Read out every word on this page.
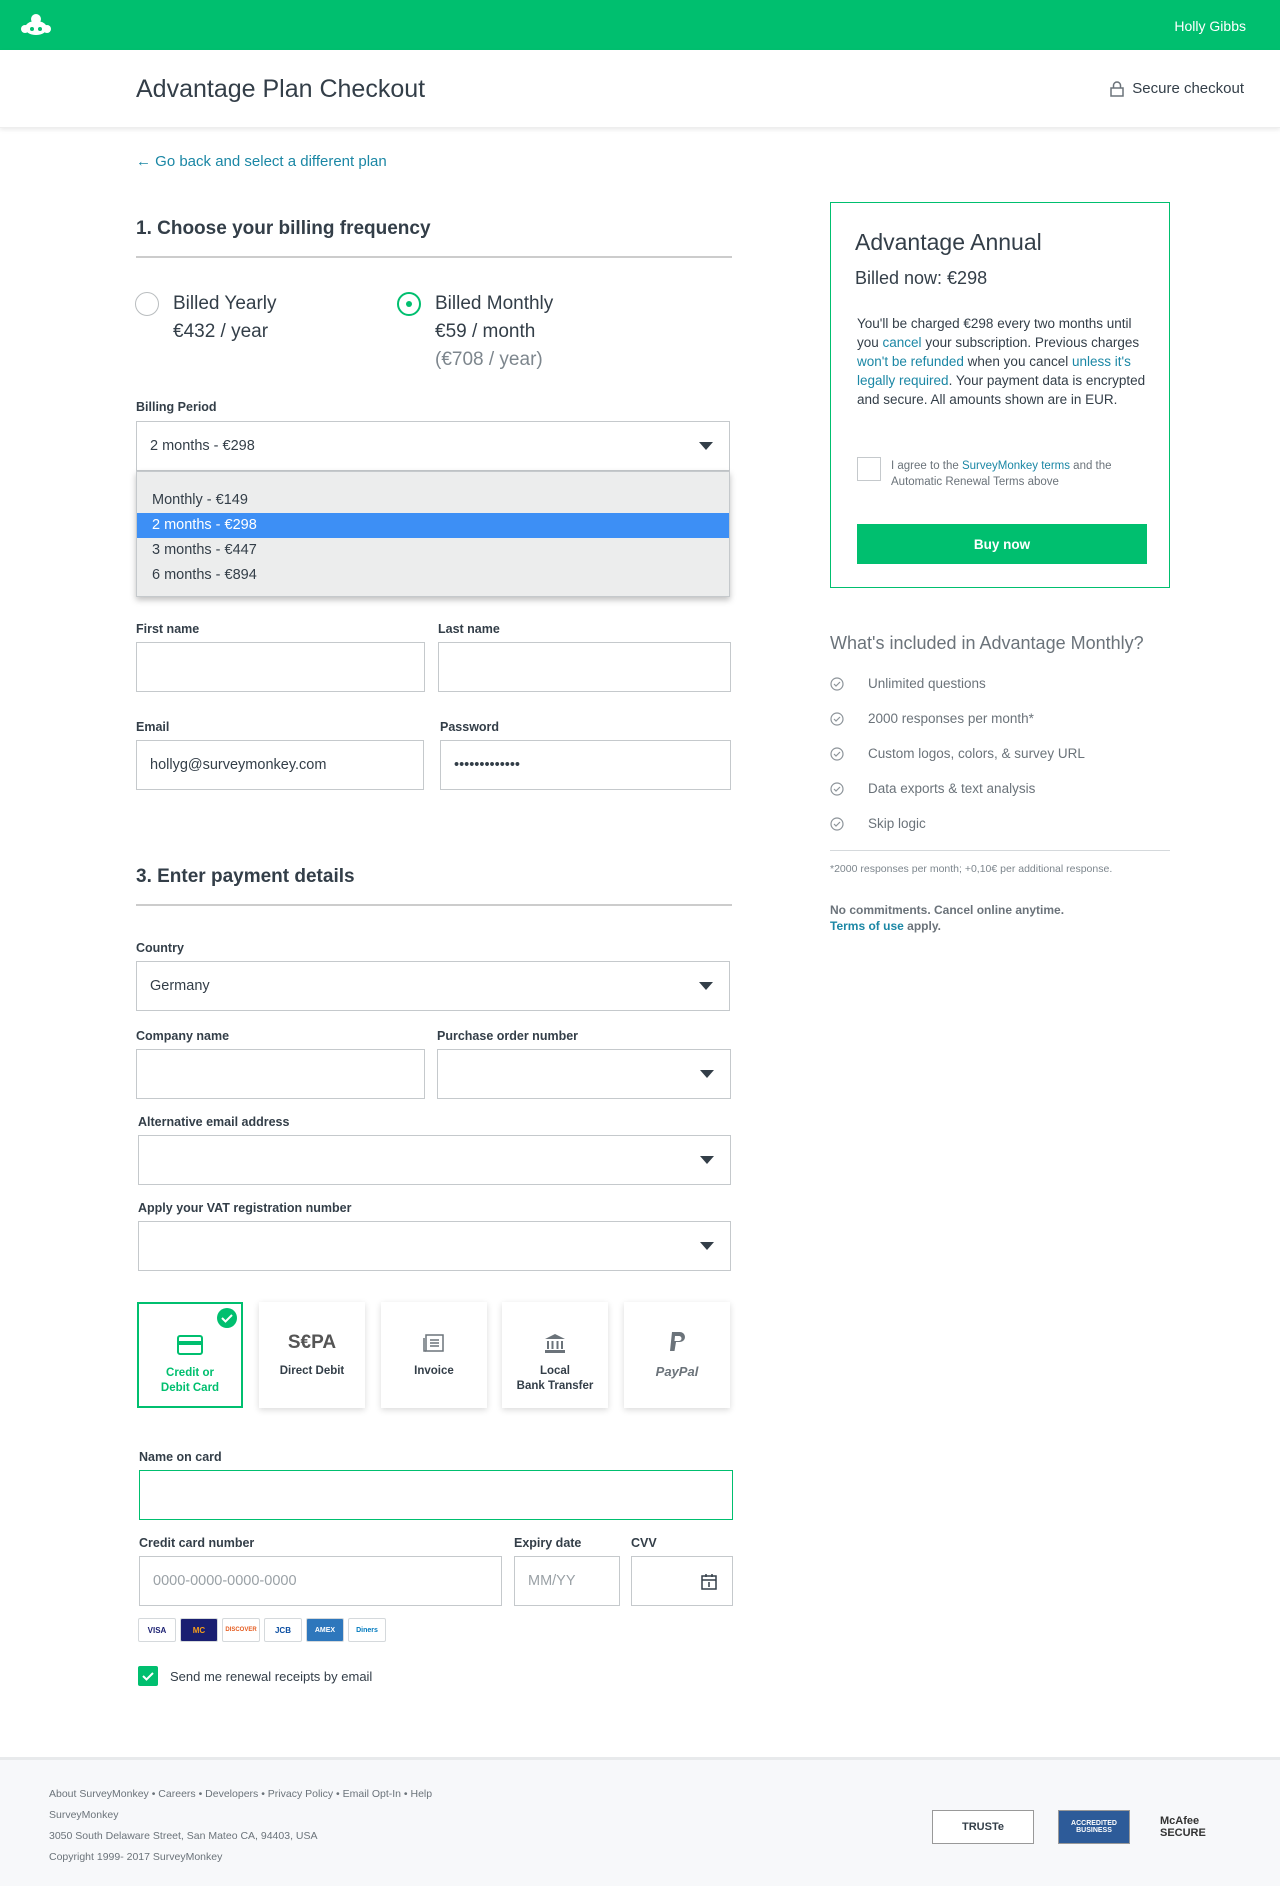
Holly Gibbs
Advantage Plan Checkout	Secure checkout
← Go back and select a different plan
1. Choose your billing frequency
Billed Yearly
€432 / year
Billed Monthly
€59 / month
(€708 / year)
Billing Period
2 months - €298
First name	Last name
Email
hollyg@surveymonkey.com
Password
•••••••••••••
Monthly - €149
2 months - €298
3 months - €447
6 months - €894
3. Enter payment details
Country
Germany
Company name	Purchase order number
Alternative email address
Apply your VAT registration number
Credit or
Debit Card
S€PA
Direct Debit	Invoice	Local
Bank Transfer
PayPal
Name on card
Credit card number
0000-0000-0000-0000
Expiry date
MM/YY
CVV
VISA	MC	DISCOVER	JCB	AMEX	Diners
Send me renewal receipts by email
Advantage Annual
Billed now: €298
You'll be charged €298 every two months until you cancel your subscription. Previous charges won't be refunded when you cancel unless it's legally required. Your payment data is encrypted and secure. All amounts shown are in EUR.
I agree to the SurveyMonkey terms and the Automatic Renewal Terms above
Buy now
What's included in Advantage Monthly?
Unlimited questions
2000 responses per month*
Custom logos, colors, & survey URL
Data exports & text analysis
Skip logic
*2000 responses per month; +0,10€ per additional response.
No commitments. Cancel online anytime.
Terms of use apply.
About SurveyMonkey • Careers • Developers • Privacy Policy • Email Opt-In • Help
SurveyMonkey
3050 South Delaware Street, San Mateo CA, 94403, USA
Copyright 1999- 2017 SurveyMonkey
TRUSTe	ACCREDITED BUSINESS
McAfee SECURE
